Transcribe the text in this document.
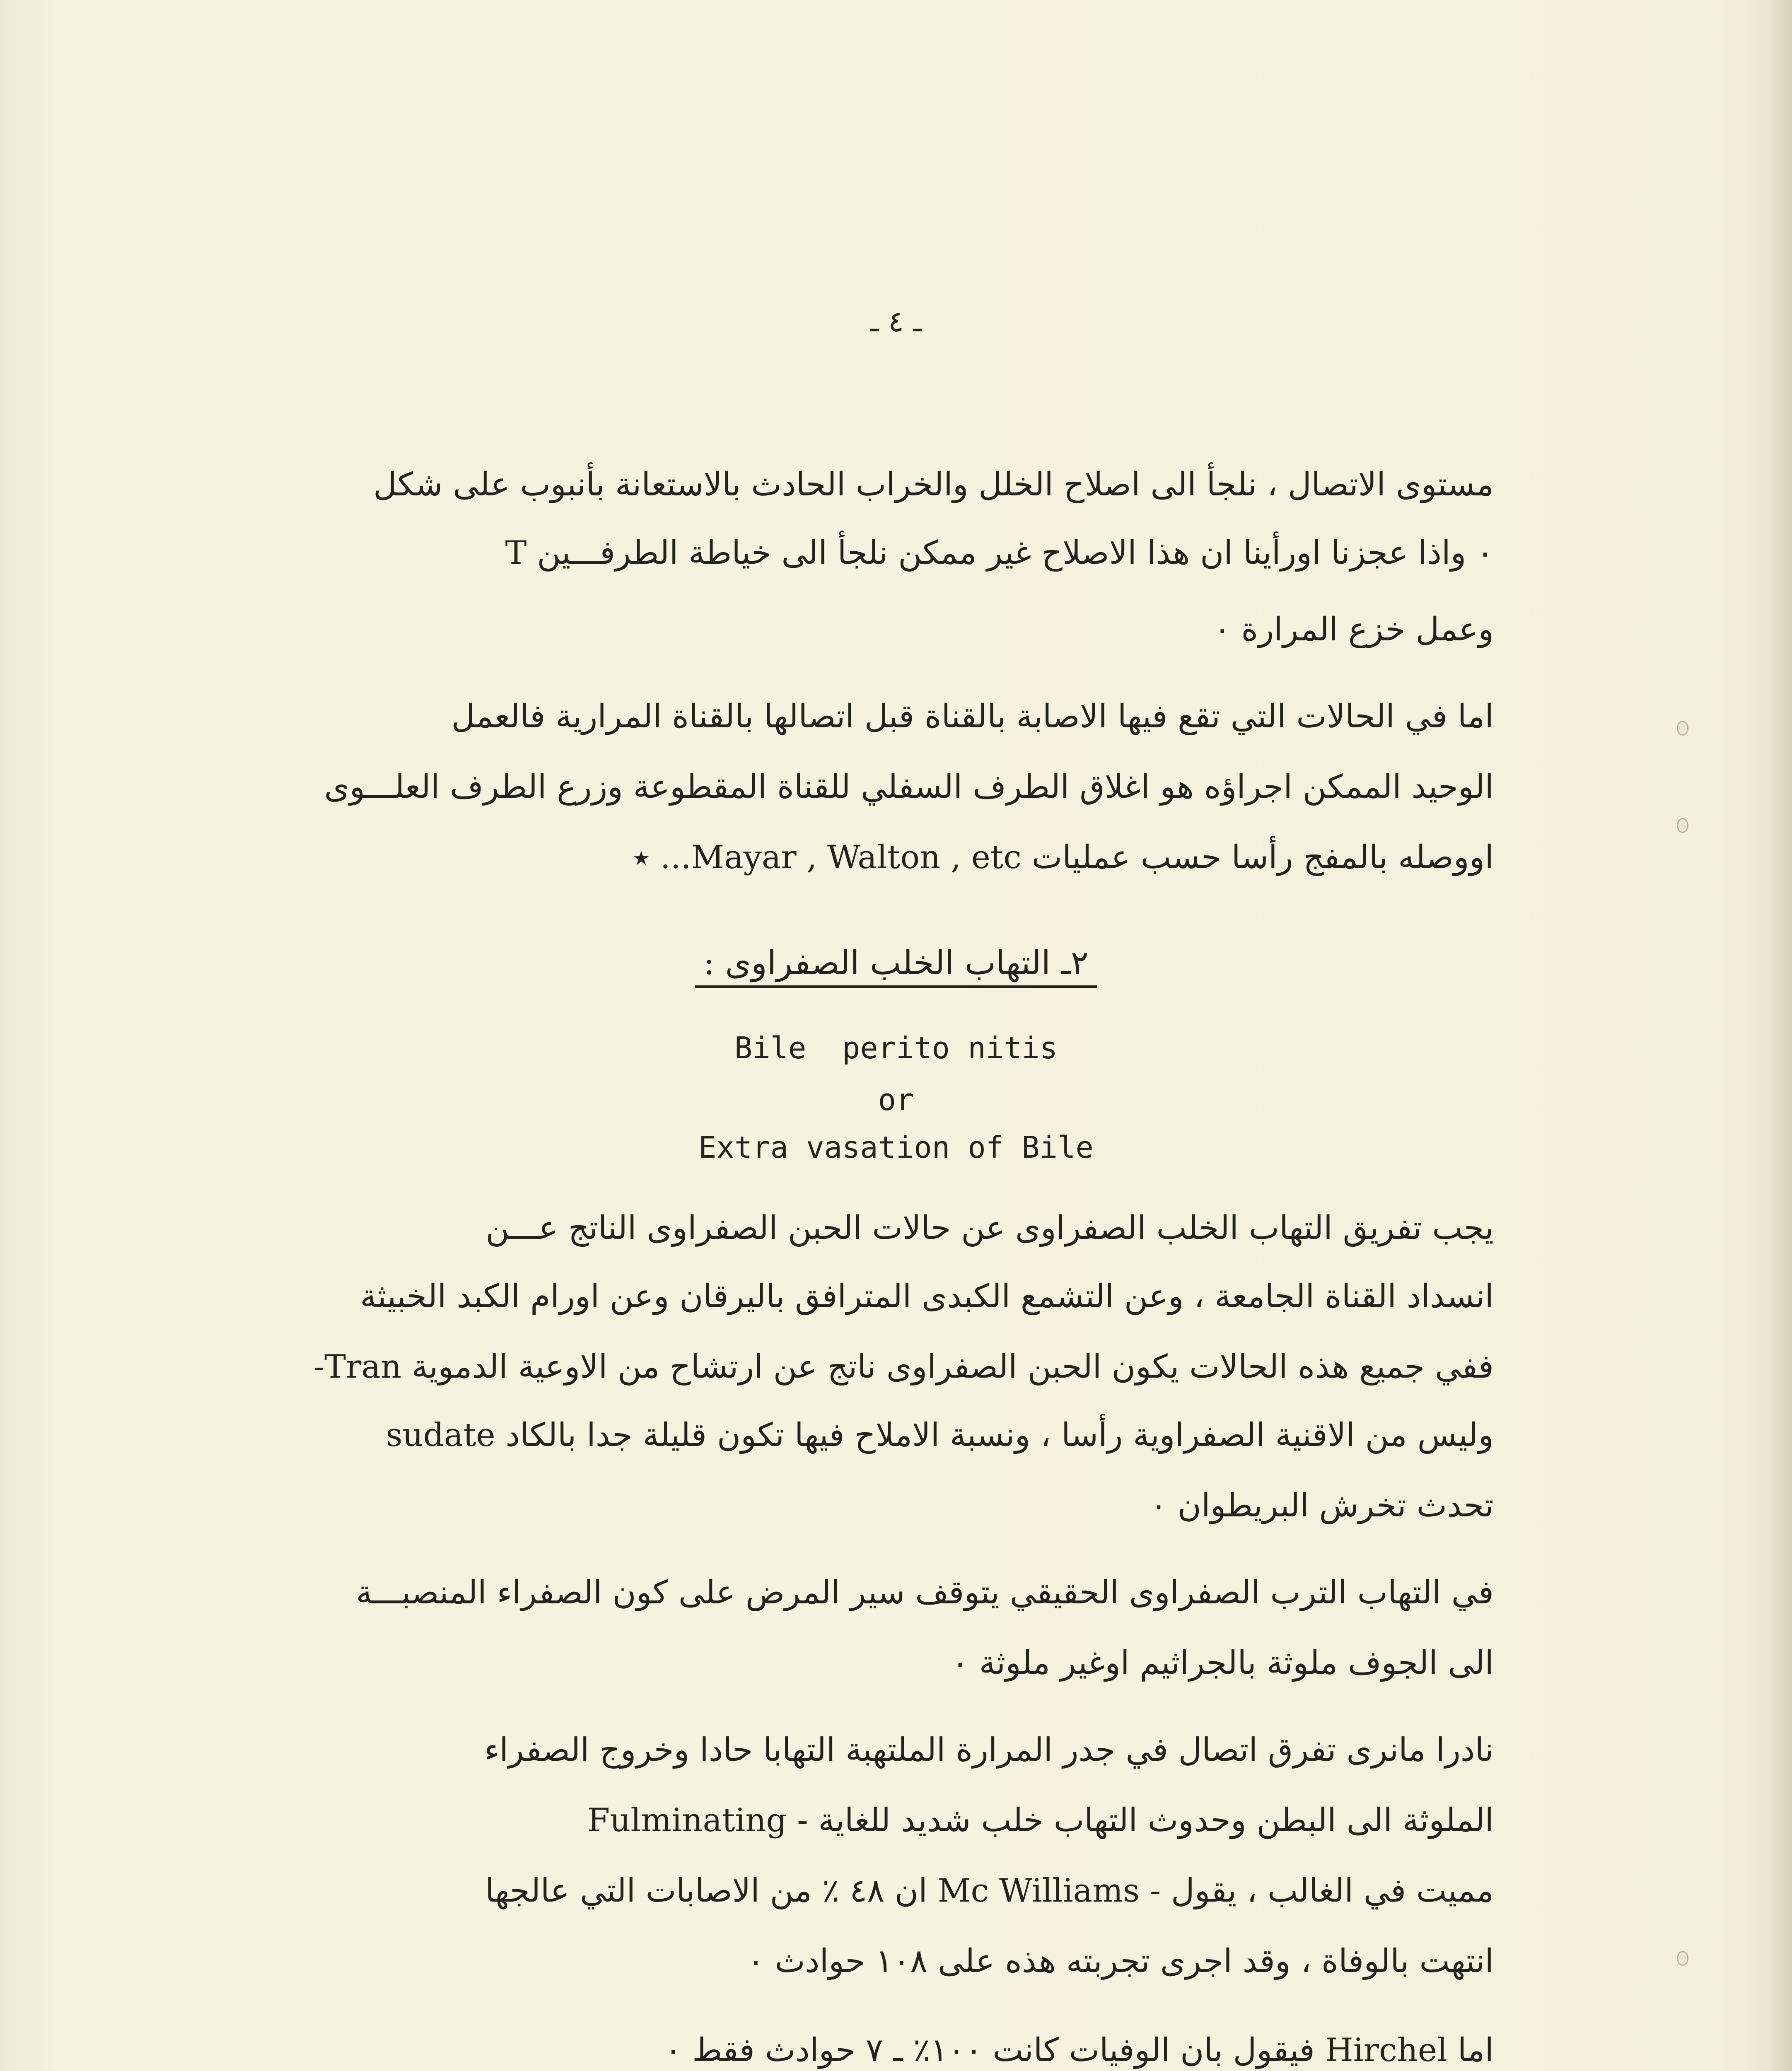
ـ ٤ ـ
مستوى الاتصال ، نلجأ الى اصلاح الخلل والخراب الحادث بالاستعانة بأنبوب على شكل
T ٠ واذا عجزنا اورأينا ان هذا الاصلاح غير ممكن نلجأ الى خياطة الطرفـــين
وعمل خزع المرارة ٠
اما في الحالات التي تقع فيها الاصابة بالقناة قبل اتصالها بالقناة المرارية فالعمل
الوحيد الممكن اجراؤه هو اغلاق الطرف السفلي للقناة المقطوعة وزرع الطرف العلـــوى
اووصله بالمفج رأسا حسب عمليات Mayar , Walton , etc... ٭
٢ـ التهاب الخلب الصفراوى :
Bile  perito nitis
or
Extra vasation of Bile
يجب تفريق التهاب الخلب الصفراوى عن حالات الحبن الصفراوى الناتج عـــن
انسداد القناة الجامعة ، وعن التشمع الكبدى المترافق باليرقان وعن اورام الكبد الخبيثة
ففي جميع هذه الحالات يكون الحبن الصفراوى ناتج عن ارتشاح من الاوعية الدموية Tran-
sudate وليس من الاقنية الصفراوية رأسا ، ونسبة الاملاح فيها تكون قليلة جدا بالكاد
تحدث تخرش البريطوان ٠
في التهاب الترب الصفراوى الحقيقي يتوقف سير المرض على كون الصفراء المنصبـــة
الى الجوف ملوثة بالجراثيم اوغير ملوثة ٠
نادرا مانرى تفرق اتصال في جدر المرارة الملتهبة التهابا حادا وخروج الصفراء
الملوثة الى البطن وحدوث التهاب خلب شديد للغاية - Fulminating
مميت في الغالب ، يقول - Mc Williams ان ٤٨ ٪ من الاصابات التي عالجها
انتهت بالوفاة ، وقد اجرى تجربته هذه على ١٠٨ حوادث ٠
اما Hirchel فيقول بان الوفيات كانت ١٠٠٪ ـ ٧ حوادث فقط ٠
